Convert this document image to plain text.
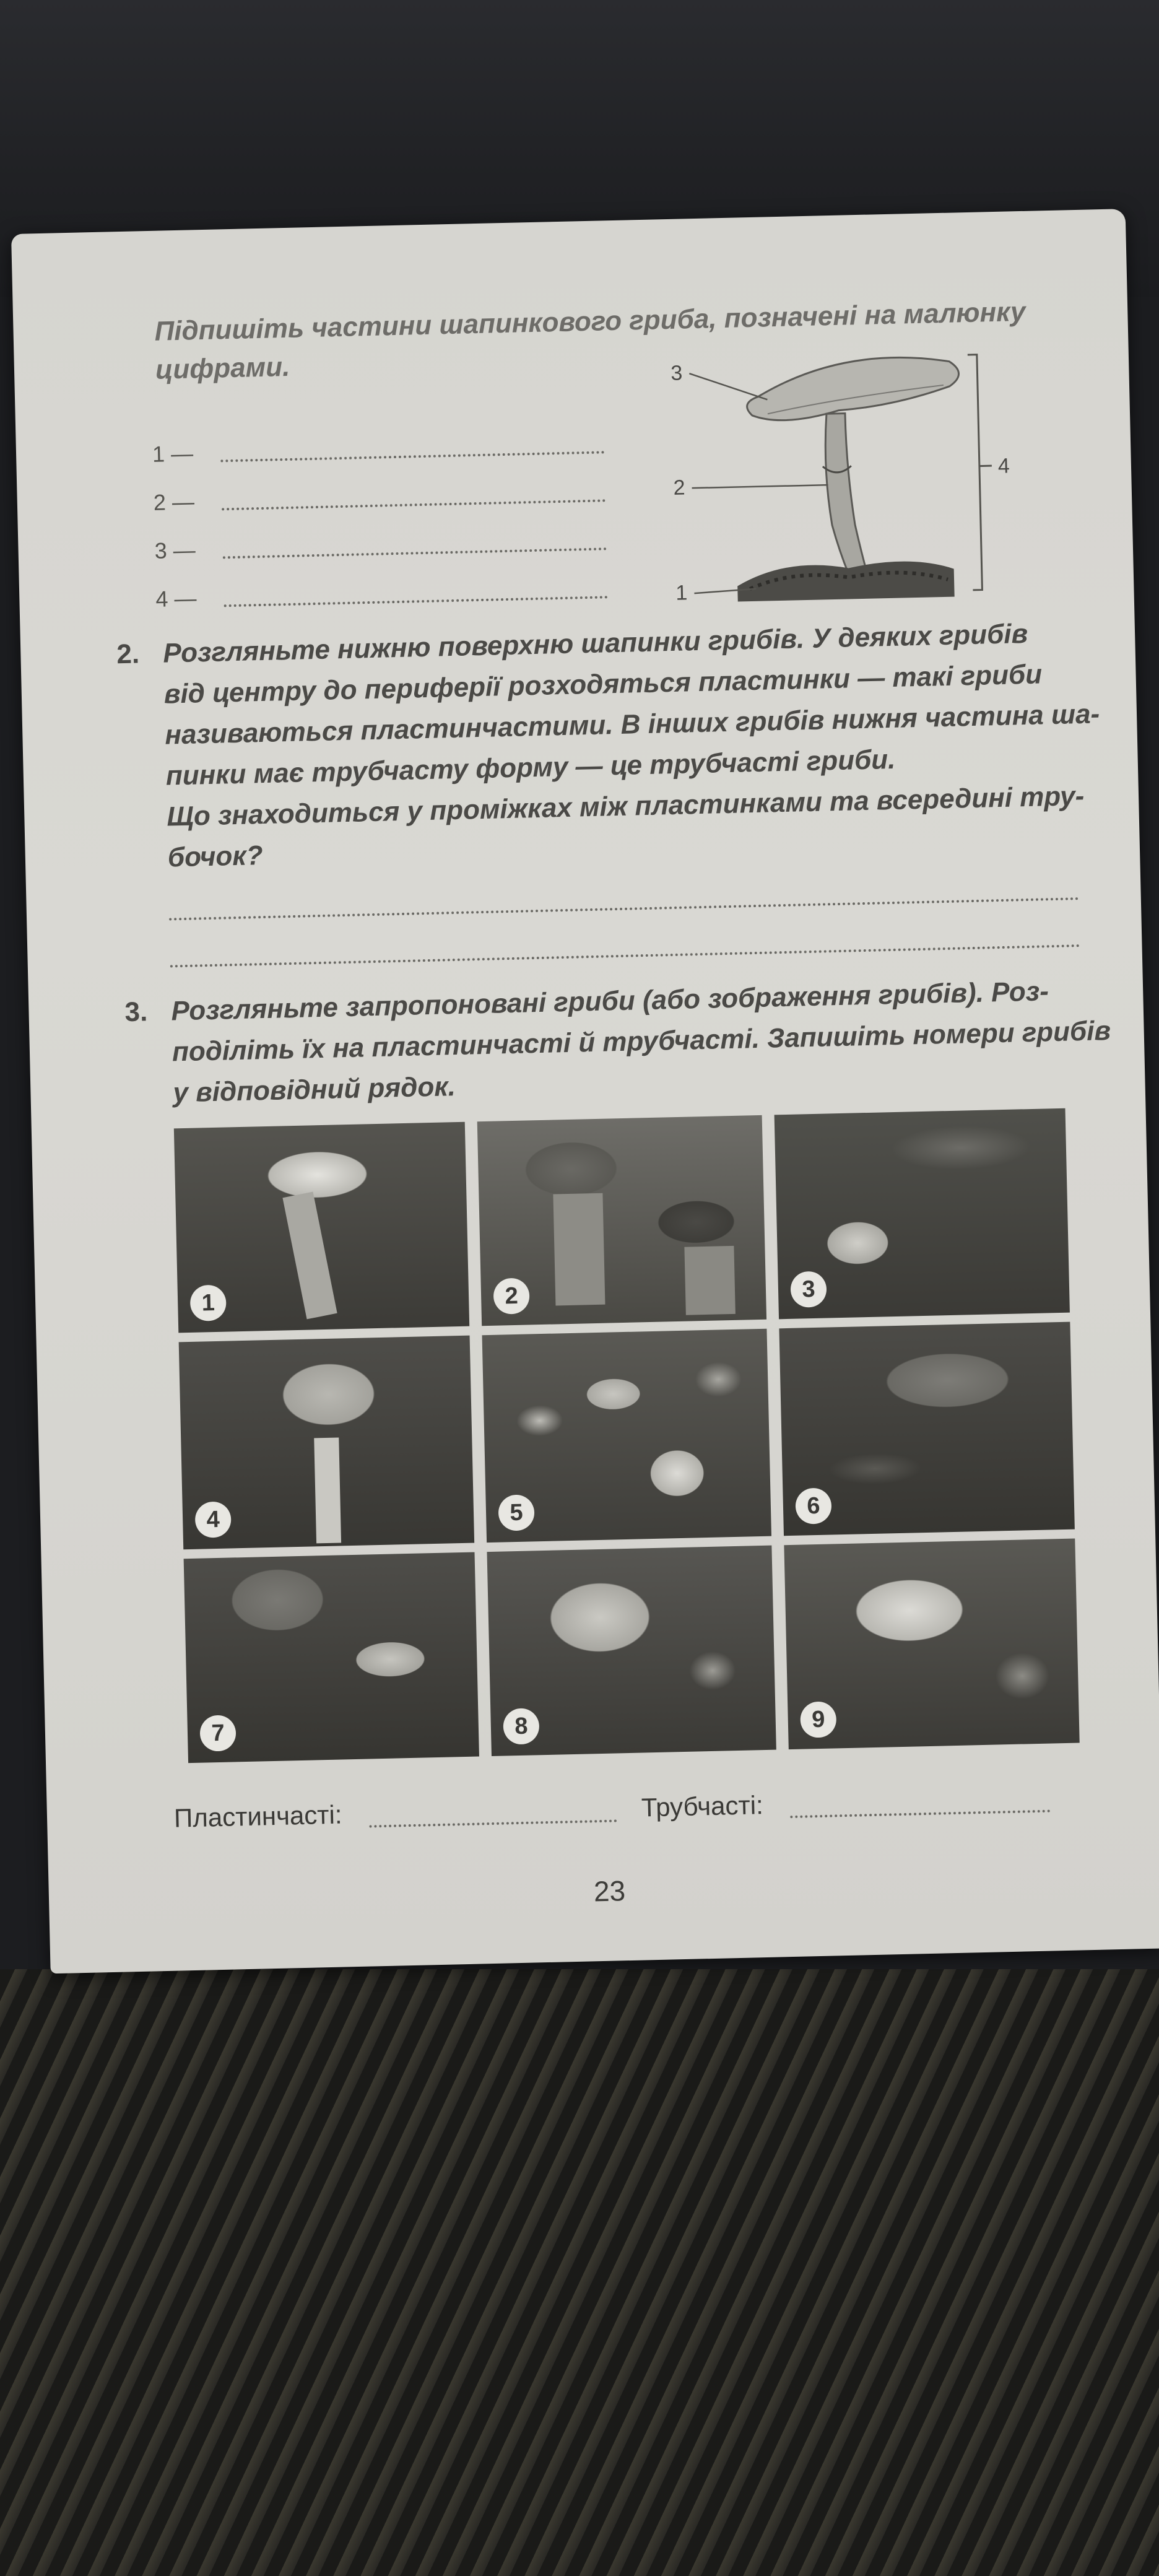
Підпишіть частини шапинкового гриба, позначені на малюнку
цифрами.
1 —
2 —
3 —
4 —
3
2
1
4
2. Розгляньте нижню поверхню шапинки грибів. У деяких грибів
від центру до периферії розходяться пластинки — такі гриби
називаються пластинчастими. В інших грибів нижня частина ша-
пинки має трубчасту форму — це трубчасті гриби.
Що знаходиться у проміжках між пластинками та всередині тру-
бочок?
3. Розгляньте запропоновані гриби (або зображення грибів). Роз-
поділіть їх на пластинчасті й трубчасті. Запишіть номери грибів
у відповідний рядок.
1	2	3
4	5	6
7	8	9
Пластинчасті:	Трубчасті:
23
